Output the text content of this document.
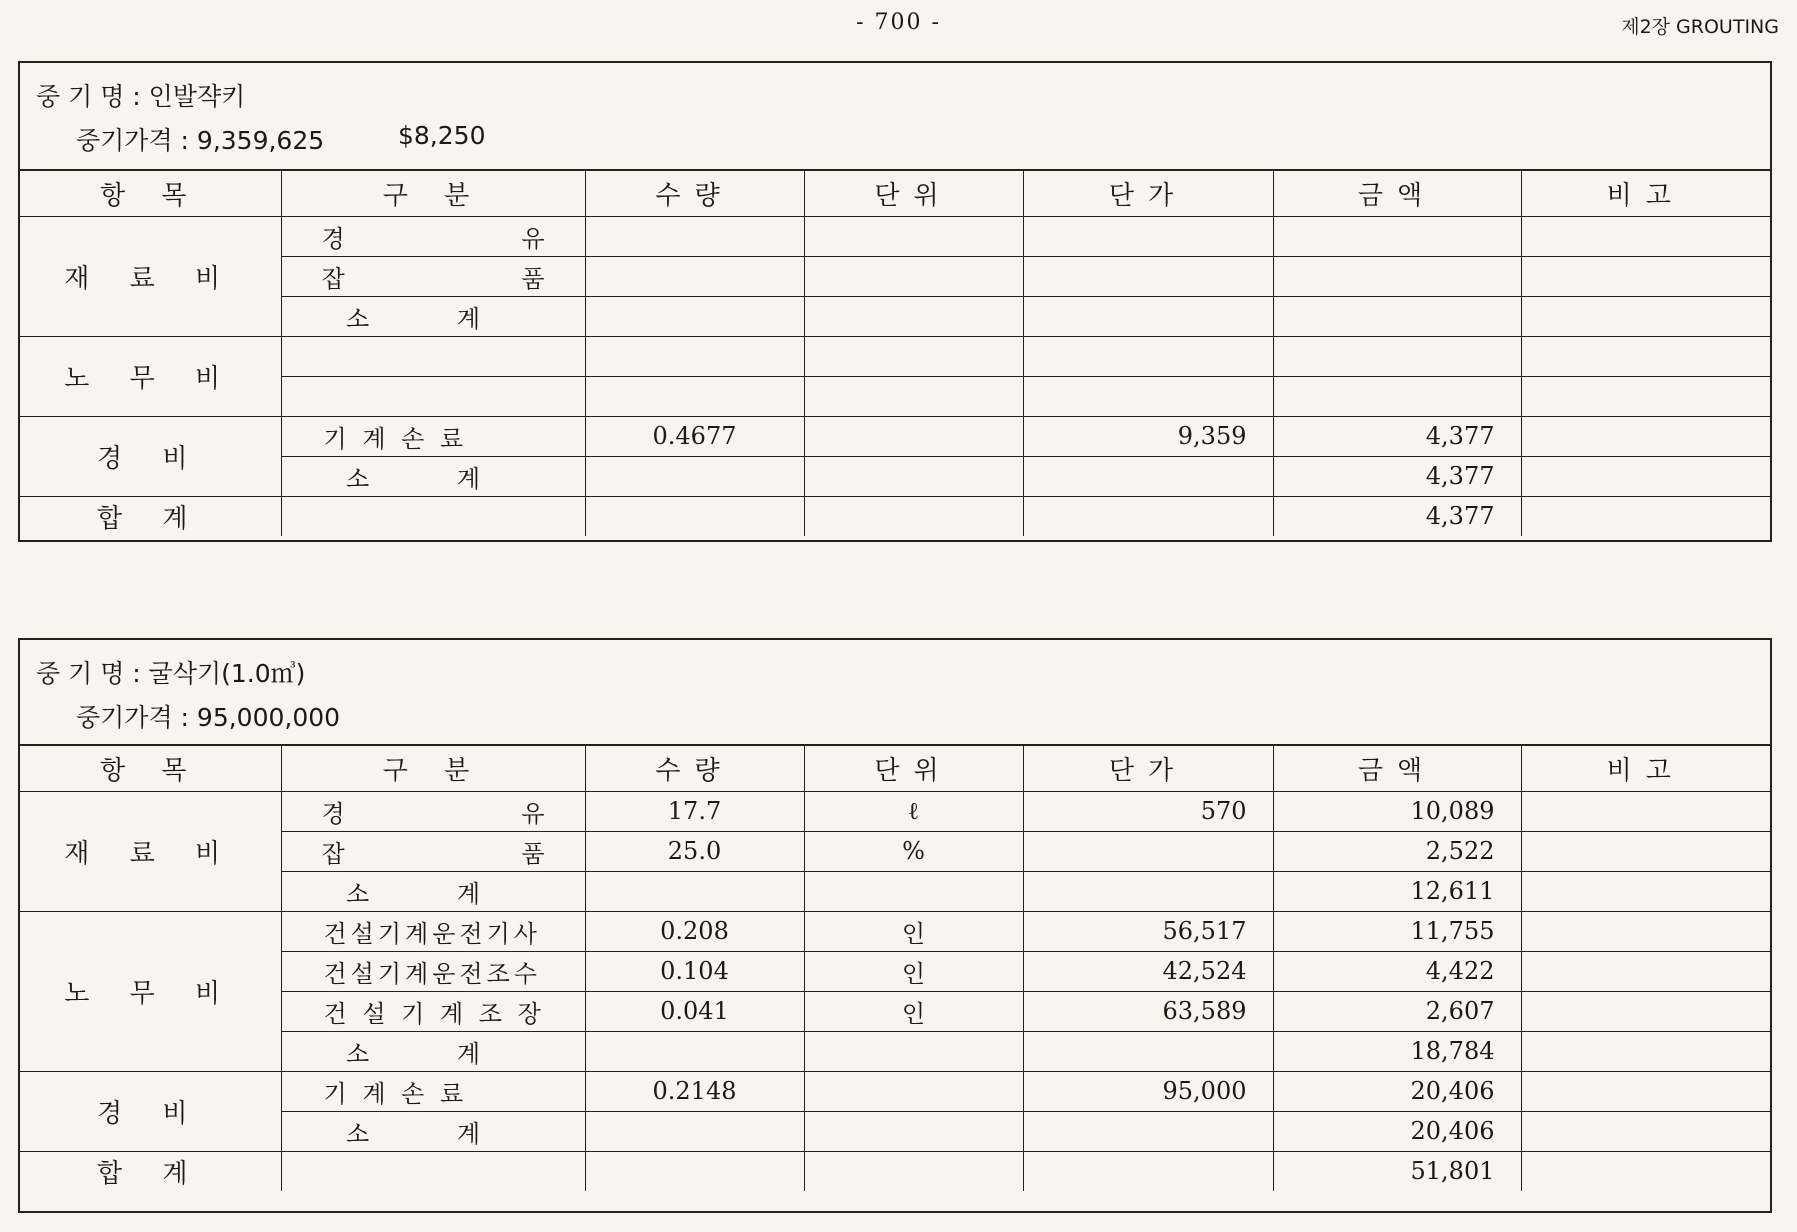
- 700 -	제2장 GROUTING
중 기 명 : 인발쟉키
중기가격 : 9,359,625	$8,250
항 목	구 분	수량	단위	단가	금액	비고
재 료 비	경 유					
	잡 품					
	소 계					
노 무 비						

경 비	기 계 손 료	0.4677		9,359	4,377	
	소 계				4,377	
합 계					4,377	
중 기 명 : 굴삭기(1.0㎥)
중기가격 : 95,000,000
항 목	구 분	수량	단위	단가	금액	비고
재 료 비	경 유	17.7	ℓ	570	10,089	
	잡 품	25.0	%		2,522	
	소 계				12,611	
노 무 비	건설기계운전기사	0.208	인	56,517	11,755	
	건설기계운전조수	0.104	인	42,524	4,422	
	건 설 기 계 조 장	0.041	인	63,589	2,607	
	소 계				18,784	
경 비	기 계 손 료	0.2148		95,000	20,406	
	소 계				20,406	
합 계					51,801	
